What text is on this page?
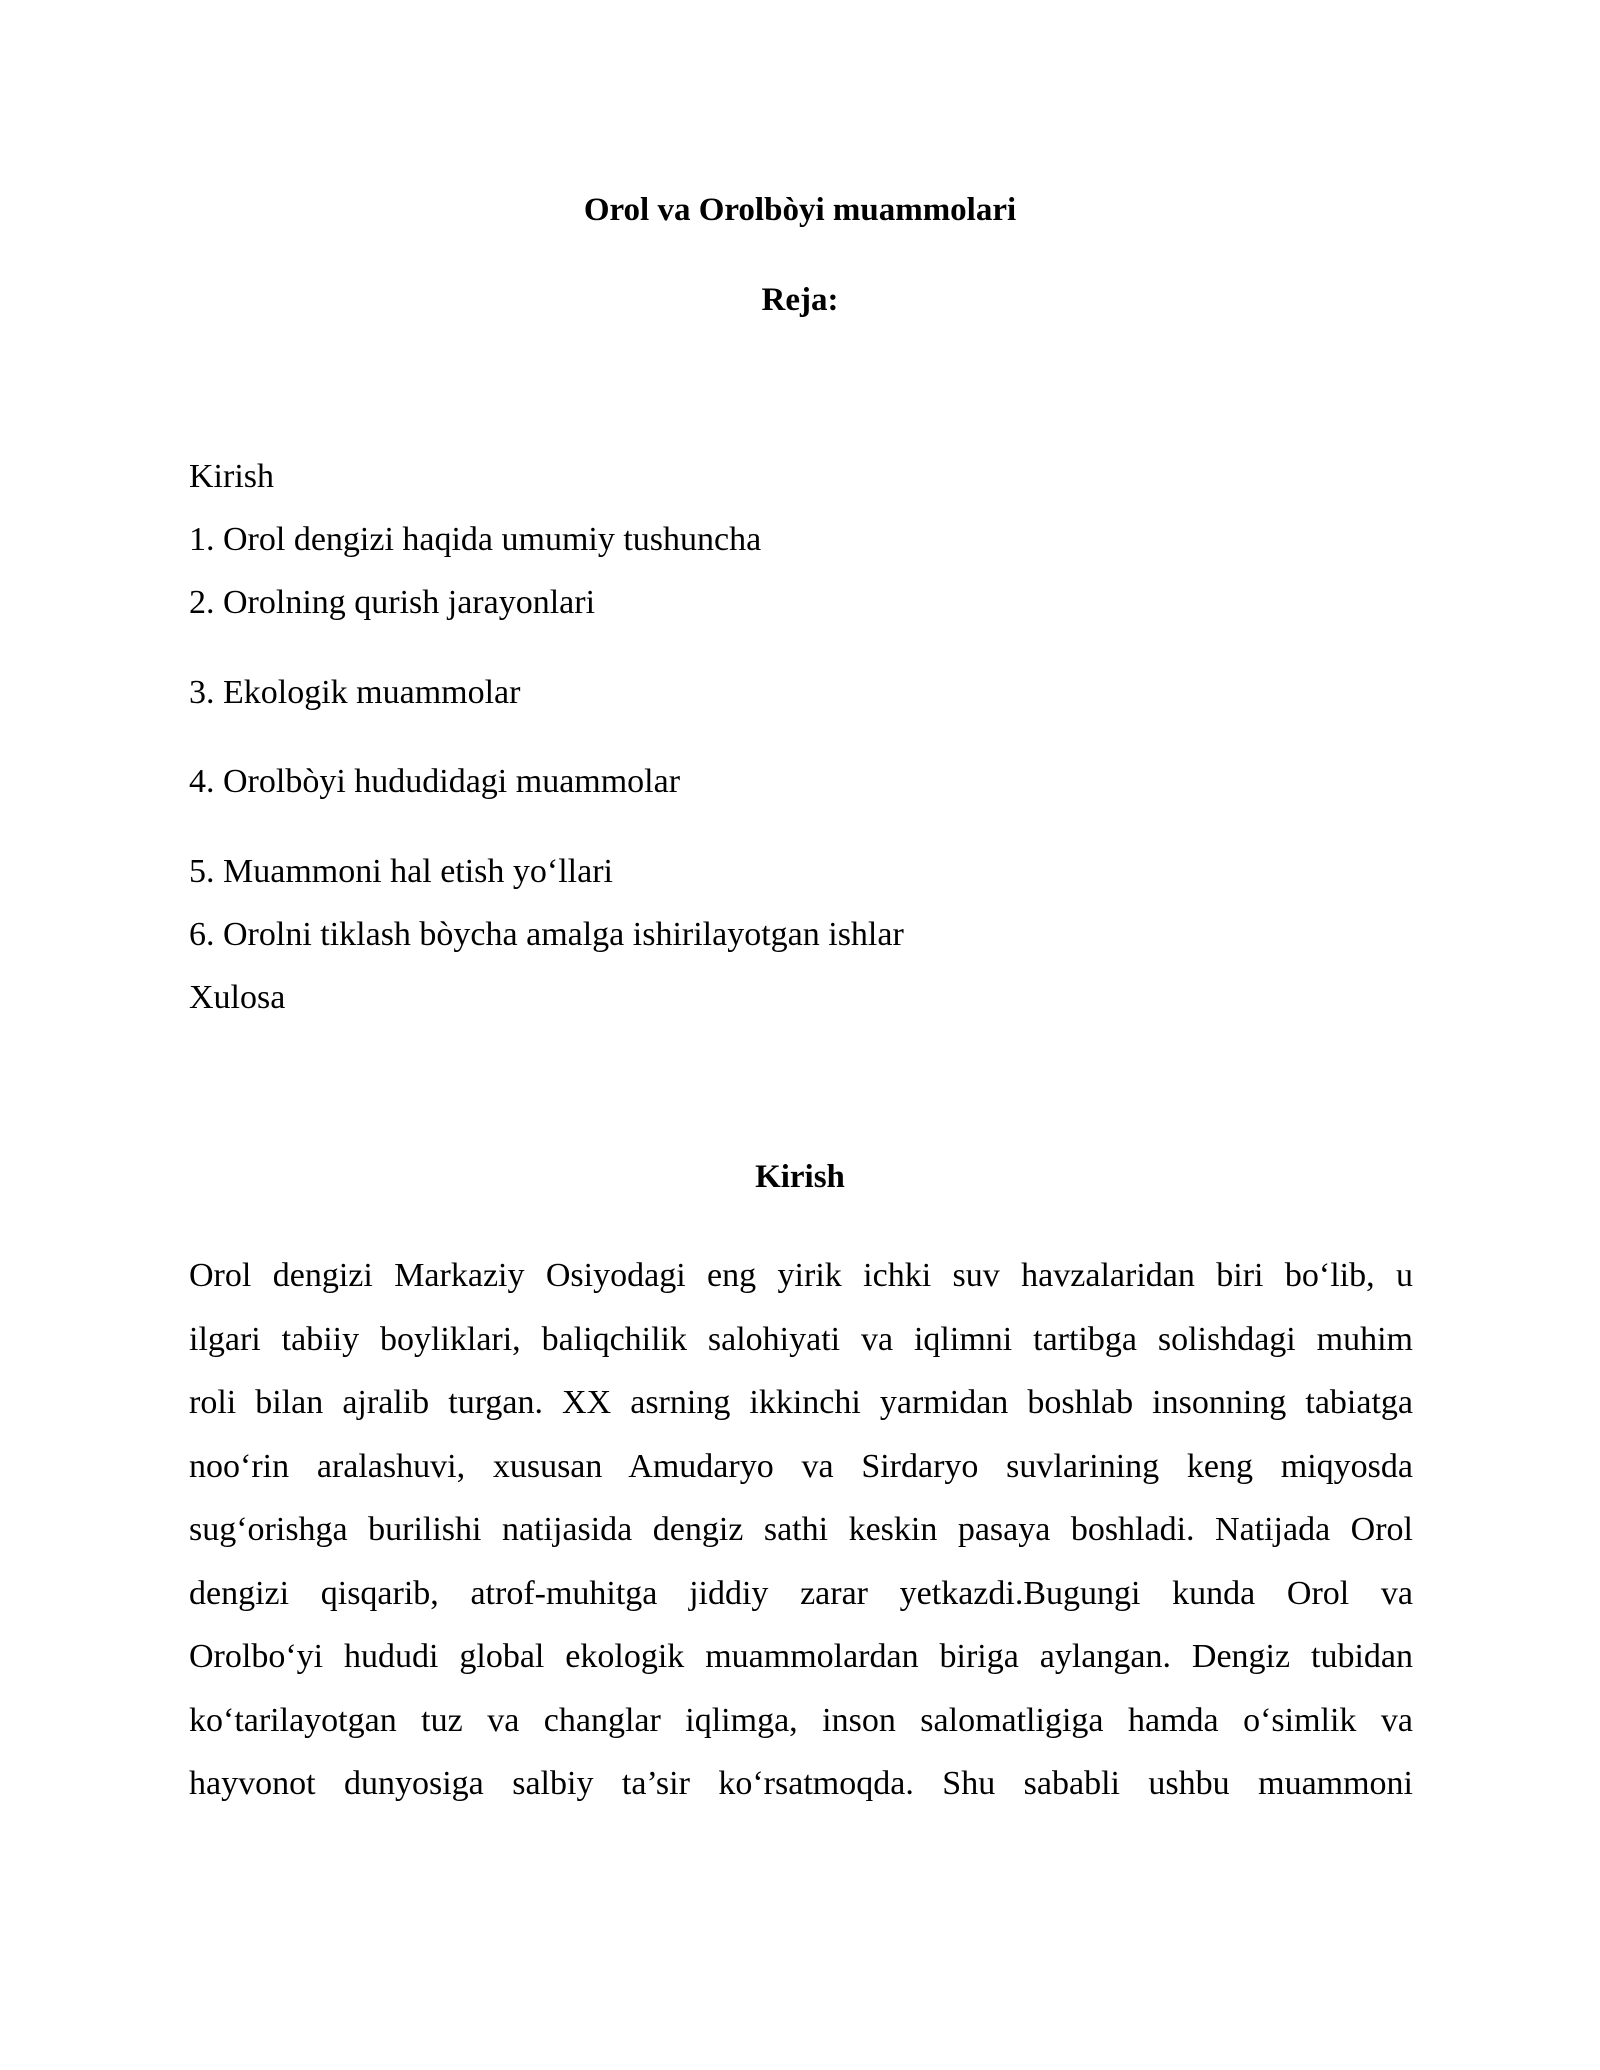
Orol va Orolbòyi muammolari
Reja:
Kirish
1. Orol dengizi haqida umumiy tushuncha
2. Orolning qurish jarayonlari
3. Ekologik muammolar
4. Orolbòyi hududidagi muammolar
5. Muammoni hal etish yo‘llari
6. Orolni tiklash bòycha amalga ishirilayotgan ishlar
Xulosa
Kirish
Orol dengizi Markaziy Osiyodagi eng yirik ichki suv havzalaridan biri bo‘lib, u
ilgari tabiiy boyliklari, baliqchilik salohiyati va iqlimni tartibga solishdagi muhim
roli bilan ajralib turgan. XX asrning ikkinchi yarmidan boshlab insonning tabiatga
noo‘rin aralashuvi, xususan Amudaryo va Sirdaryo suvlarining keng miqyosda
sug‘orishga burilishi natijasida dengiz sathi keskin pasaya boshladi. Natijada Orol
dengizi qisqarib, atrof-muhitga jiddiy zarar yetkazdi.Bugungi kunda Orol va
Orolbo‘yi hududi global ekologik muammolardan biriga aylangan. Dengiz tubidan
ko‘tarilayotgan tuz va changlar iqlimga, inson salomatligiga hamda o‘simlik va
hayvonot dunyosiga salbiy ta’sir ko‘rsatmoqda. Shu sababli ushbu muammoni
